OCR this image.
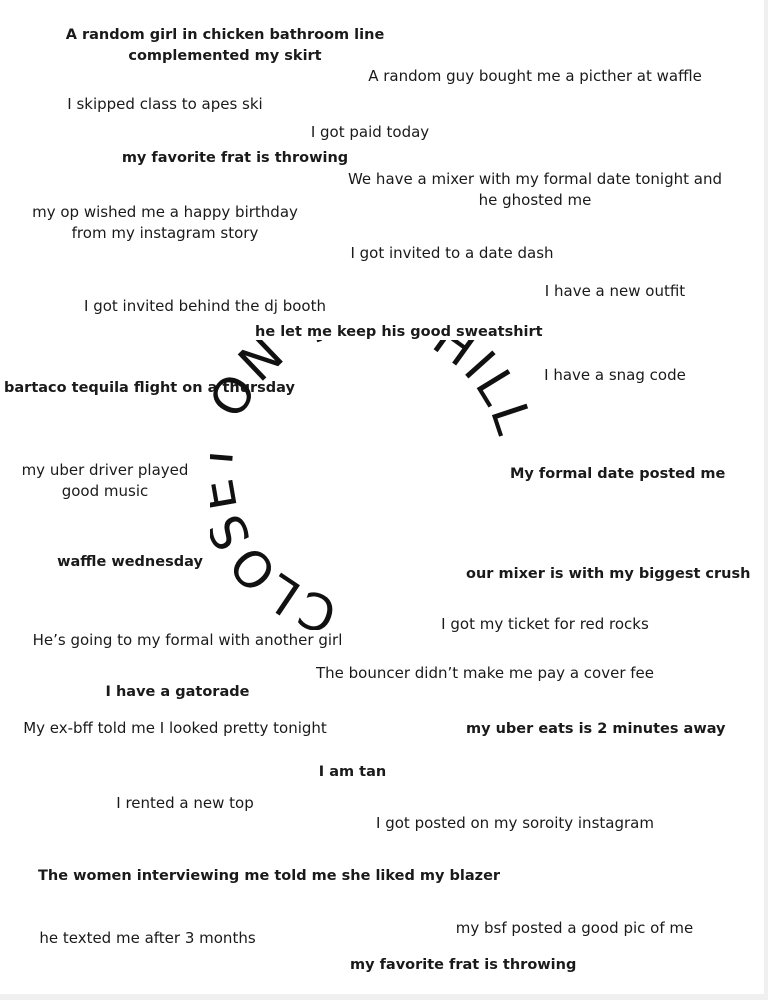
A random girl in chicken bathroom line complemented my skirt
A random guy bought me a picther at waffle
I skipped class to apes ski
I got paid today
my favorite frat is throwing
We have a mixer with my formal date tonight and he ghosted me
my op wished me a happy birthday from my instagram story
I got invited to a date dash
I have a new outfit
I got invited behind the dj booth
he let me keep his good sweatshirt
bartaco tequila flight on a thursday
I have a snag code
my uber driver played good music
My formal date posted me
waffle wednesday
our mixer is with my biggest crush
I got my ticket for red rocks
He’s going to my formal with another girl
The bouncer didn’t make me pay a cover fee
I have a gatorade
My ex-bff told me I looked pretty tonight	my uber eats is 2 minutes away
I am tan
I rented a new top
I got posted on my soroity instagram
The women interviewing me told me she liked my blazer
my bsf posted a good pic of me
he texted me after 3 months
my favorite frat is throwing
CLO N HILL
